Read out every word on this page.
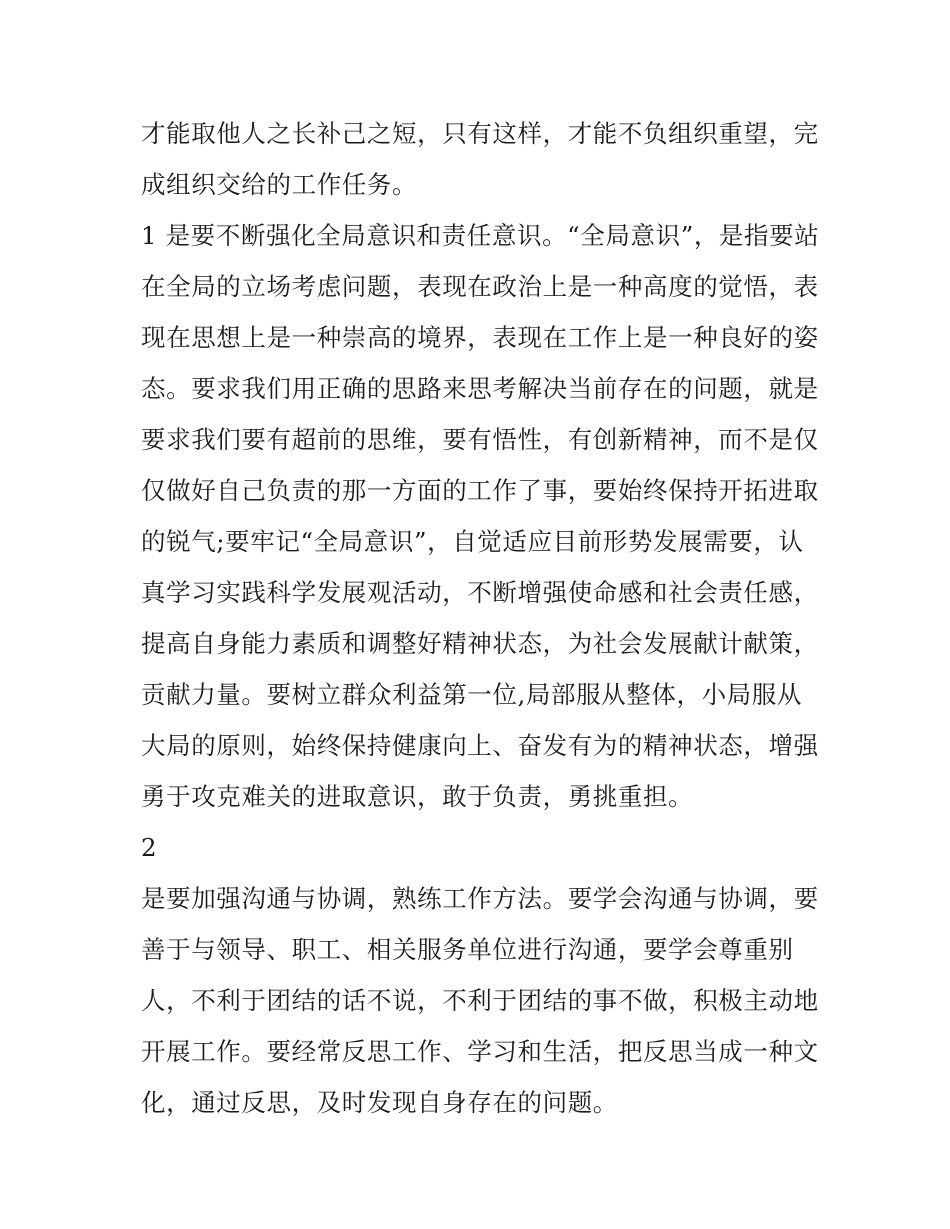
才能取他人之长补己之短，只有这样，才能不负组织重望，完
成组织交给的工作任务。
1 是要不断强化全局意识和责任意识。“全局意识”，是指要站
在全局的立场考虑问题，表现在政治上是一种高度的觉悟，表
现在思想上是一种崇高的境界，表现在工作上是一种良好的姿
态。要求我们用正确的思路来思考解决当前存在的问题，就是
要求我们要有超前的思维，要有悟性，有创新精神，而不是仅
仅做好自己负责的那一方面的工作了事，要始终保持开拓进取
的锐气;要牢记“全局意识”，自觉适应目前形势发展需要，认
真学习实践科学发展观活动，不断增强使命感和社会责任感，
提高自身能力素质和调整好精神状态，为社会发展献计献策，
贡献力量。要树立群众利益第一位,局部服从整体，小局服从
大局的原则，始终保持健康向上、奋发有为的精神状态，增强
勇于攻克难关的进取意识，敢于负责，勇挑重担。
2
是要加强沟通与协调，熟练工作方法。要学会沟通与协调，要
善于与领导、职工、相关服务单位进行沟通，要学会尊重别
人，不利于团结的话不说，不利于团结的事不做，积极主动地
开展工作。要经常反思工作、学习和生活，把反思当成一种文
化，通过反思，及时发现自身存在的问题。
